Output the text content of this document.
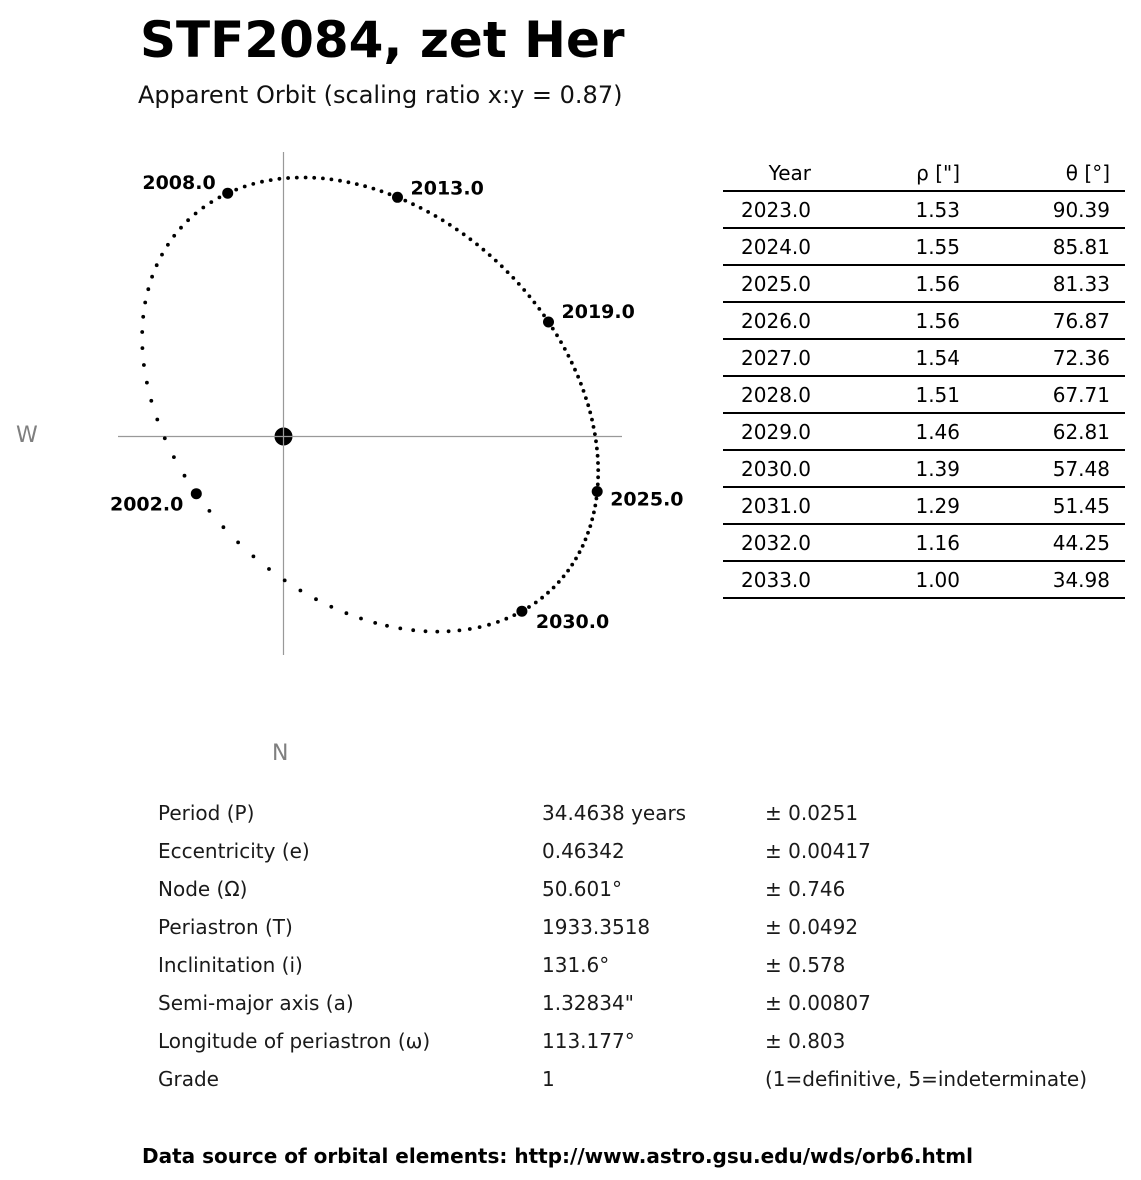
STF2084, zet Her
Apparent Orbit (scaling ratio x:y = 0.87)
W
N
2002.0
2008.0	2013.0
2019.0
2025.0
2030.0
Year	ρ ["]	θ [°]
2023.0	1.53	90.39
2024.0	1.55	85.81
2025.0	1.56	81.33
2026.0	1.56	76.87
2027.0	1.54	72.36
2028.0	1.51	67.71
2029.0	1.46	62.81
2030.0	1.39	57.48
2031.0	1.29	51.45
2032.0	1.16	44.25
2033.0	1.00	34.98
Period (P)	34.4638 years	± 0.0251
Eccentricity (e)	0.46342	± 0.00417
Node (Ω)	50.601°	± 0.746
Periastron (T)	1933.3518	± 0.0492
Inclinitation (i)	131.6°	± 0.578
Semi-major axis (a)	1.32834"	± 0.00807
Longitude of periastron (ω)	113.177°	± 0.803
Grade	1	(1=definitive, 5=indeterminate)
Data source of orbital elements: http://www.astro.gsu.edu/wds/orb6.html
